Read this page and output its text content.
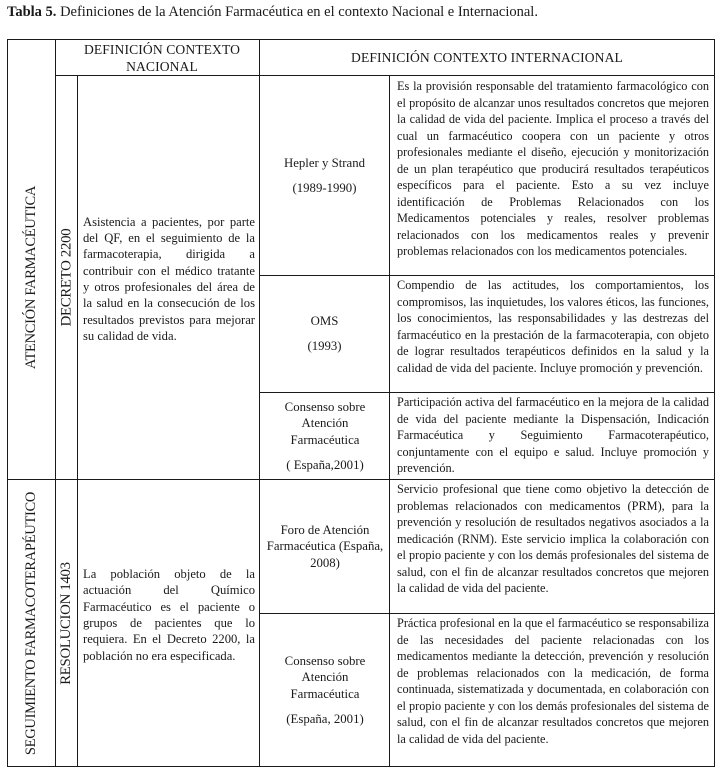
Tabla 5. Definiciones de la Atención Farmacéutica en el contexto Nacional e Internacional.
DEFINICIÓN CONTEXTO NACIONAL
DEFINICIÓN CONTEXTO INTERNACIONAL
ATENCIÓN FARMACÉUTICA DECRETO 2200
Asistencia a pacientes, por parte del QF, en el seguimiento de la farmacoterapia, dirigida a contribuir con el médico tratante y otros profesionales del área de la salud en la consecución de los resultados previstos para mejorar su calidad de vida.
Hepler y Strand
(1989-1990)
Es la provisión responsable del tratamiento farmacológico con el propósito de alcanzar unos resultados concretos que mejoren la calidad de vida del paciente. Implica el proceso a través del cual un farmacéutico coopera con un paciente y otros profesionales mediante el diseño, ejecución y monitorización de un plan terapéutico que producirá resultados terapéuticos específicos para el paciente. Esto a su vez incluye identificación de Problemas Relacionados con los Medicamentos potenciales y reales, resolver problemas relacionados con los medicamentos reales y prevenir problemas relacionados con los medicamentos potenciales.
OMS
(1993)
Compendio de las actitudes, los comportamientos, los compromisos, las inquietudes, los valores éticos, las funciones, los conocimientos, las responsabilidades y las destrezas del farmacéutico en la prestación de la farmacoterapia, con objeto de lograr resultados terapéuticos definidos en la salud y la calidad de vida del paciente. Incluye promoción y prevención.
Consenso sobre Atención Farmacéutica
( España,2001)
Participación activa del farmacéutico en la mejora de la calidad de vida del paciente mediante la Dispensación, Indicación Farmacéutica y Seguimiento Farmacoterapéutico, conjuntamente con el equipo e salud. Incluye promoción y prevención.
SEGUIMIENTO FARMACOTERAPÉUTICO RESOLUCION 1403 La población objeto de la actuación del Químico Farmacéutico es el paciente o grupos de pacientes que lo requiera. En el Decreto 2200, la población no era especificada.
Foro de Atención Farmacéutica (España, 2008)
Servicio profesional que tiene como objetivo la detección de problemas relacionados con medicamentos (PRM), para la prevención y resolución de resultados negativos asociados a la medicación (RNM). Este servicio implica la colaboración con el propio paciente y con los demás profesionales del sistema de salud, con el fin de alcanzar resultados concretos que mejoren la calidad de vida del paciente.
Consenso sobre Atención Farmacéutica
(España, 2001)
Práctica profesional en la que el farmacéutico se responsabiliza de las necesidades del paciente relacionadas con los medicamentos mediante la detección, prevención y resolución de problemas relacionados con la medicación, de forma continuada, sistematizada y documentada, en colaboración con el propio paciente y con los demás profesionales del sistema de salud, con el fin de alcanzar resultados concretos que mejoren la calidad de vida del paciente.
